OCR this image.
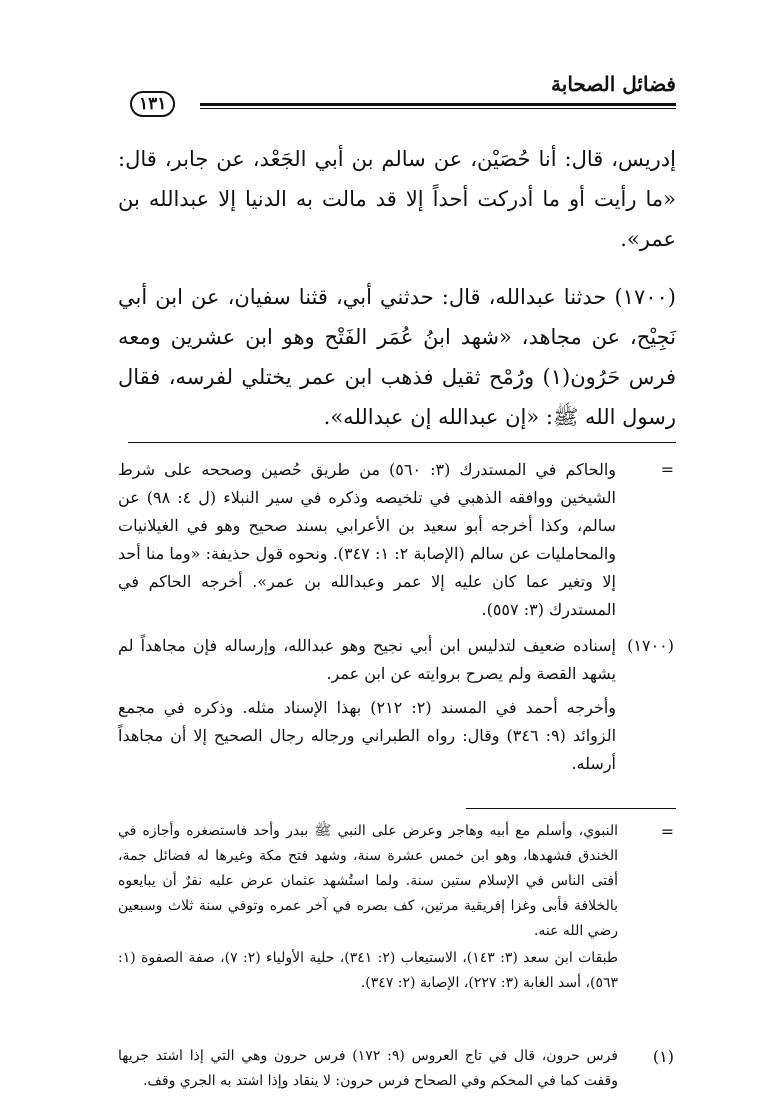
فضائل الصحابة
١٣١

إدريس، قال: أنا حُصَيْن، عن سالم بن أبي الجَعْد، عن جابر، قال: «ما رأيت أو ما أدركت أحداً إلا قد مالت به الدنيا إلا عبدالله بن عمر».

(١٧٠٠) حدثنا عبدالله، قال: حدثني أبي، قثنا سفيان، عن ابن أبي نَجِيْح، عن مجاهد، «شهد ابنُ عُمَر الفَتْح وهو ابن عشرين ومعه فرس حَرُون(١) ورُمْح ثقيل فذهب ابن عمر يختلي لفرسه، فقال رسول الله ﷺ: «إن عبدالله إن عبدالله».

=

والحاكم في المستدرك (٣: ٥٦٠) من طريق حُصين وصححه على شرط الشيخين ووافقه الذهبي في تلخيصه وذكره في سير النبلاء (ل ٤: ٩٨) عن سالم، وكذا أخرجه أبو سعيد بن الأعرابي بسند صحيح وهو في الغيلانيات والمحامليات عن سالم (الإصابة ٢: ١: ٣٤٧). ونحوه قول حذيفة: «وما منا أحد إلا وتغير عما كان عليه إلا عمر وعبدالله بن عمر». أخرجه الحاكم في المستدرك (٣: ٥٥٧).

(١٧٠٠)

إسناده ضعيف لتدليس ابن أبي نجيح وهو عبدالله، وإرساله فإن مجاهداً لم يشهد القصة ولم يصرح بروايته عن ابن عمر.

وأخرجه أحمد في المسند (٢: ٢١٢) بهذا الإسناد مثله. وذكره في مجمع الزوائد (٩: ٣٤٦) وقال: رواه الطبراني ورجاله رجال الصحيح إلا أن مجاهداً أرسله.

=

النبوي، وأسلم مع أبيه وهاجر وعرض على النبي ﷺ ببدر وأحد فاستصغره وأجازه في الخندق فشهدها، وهو ابن خمس عشرة سنة، وشهد فتح مكة وغيرها له فضائل جمة، أفتى الناس في الإسلام ستين سنة. ولما استُشهد عثمان عرض عليه نفرٌ أن يبايعوه بالخلافة فأبى وغزا إفريقية مرتين، كف بصره في آخر عمره وتوفي سنة ثلاث وسبعين رضي الله عنه.

طبقات ابن سعد (٣: ١٤٣)، الاستيعاب (٢: ٣٤١)، حلية الأولياء (٢: ٧)، صفة الصفوة (١: ٥٦٣)، أسد الغابة (٣: ٢٢٧)، الإصابة (٢: ٣٤٧).

(١)

فرس حرون، قال في تاج العروس (٩: ١٧٢) فرس حرون وهي التي إذا اشتد جريها وقفت كما في المحكم وفي الصحاح فرس حرون: لا ينقاد وإذا اشتد به الجري وقف.
